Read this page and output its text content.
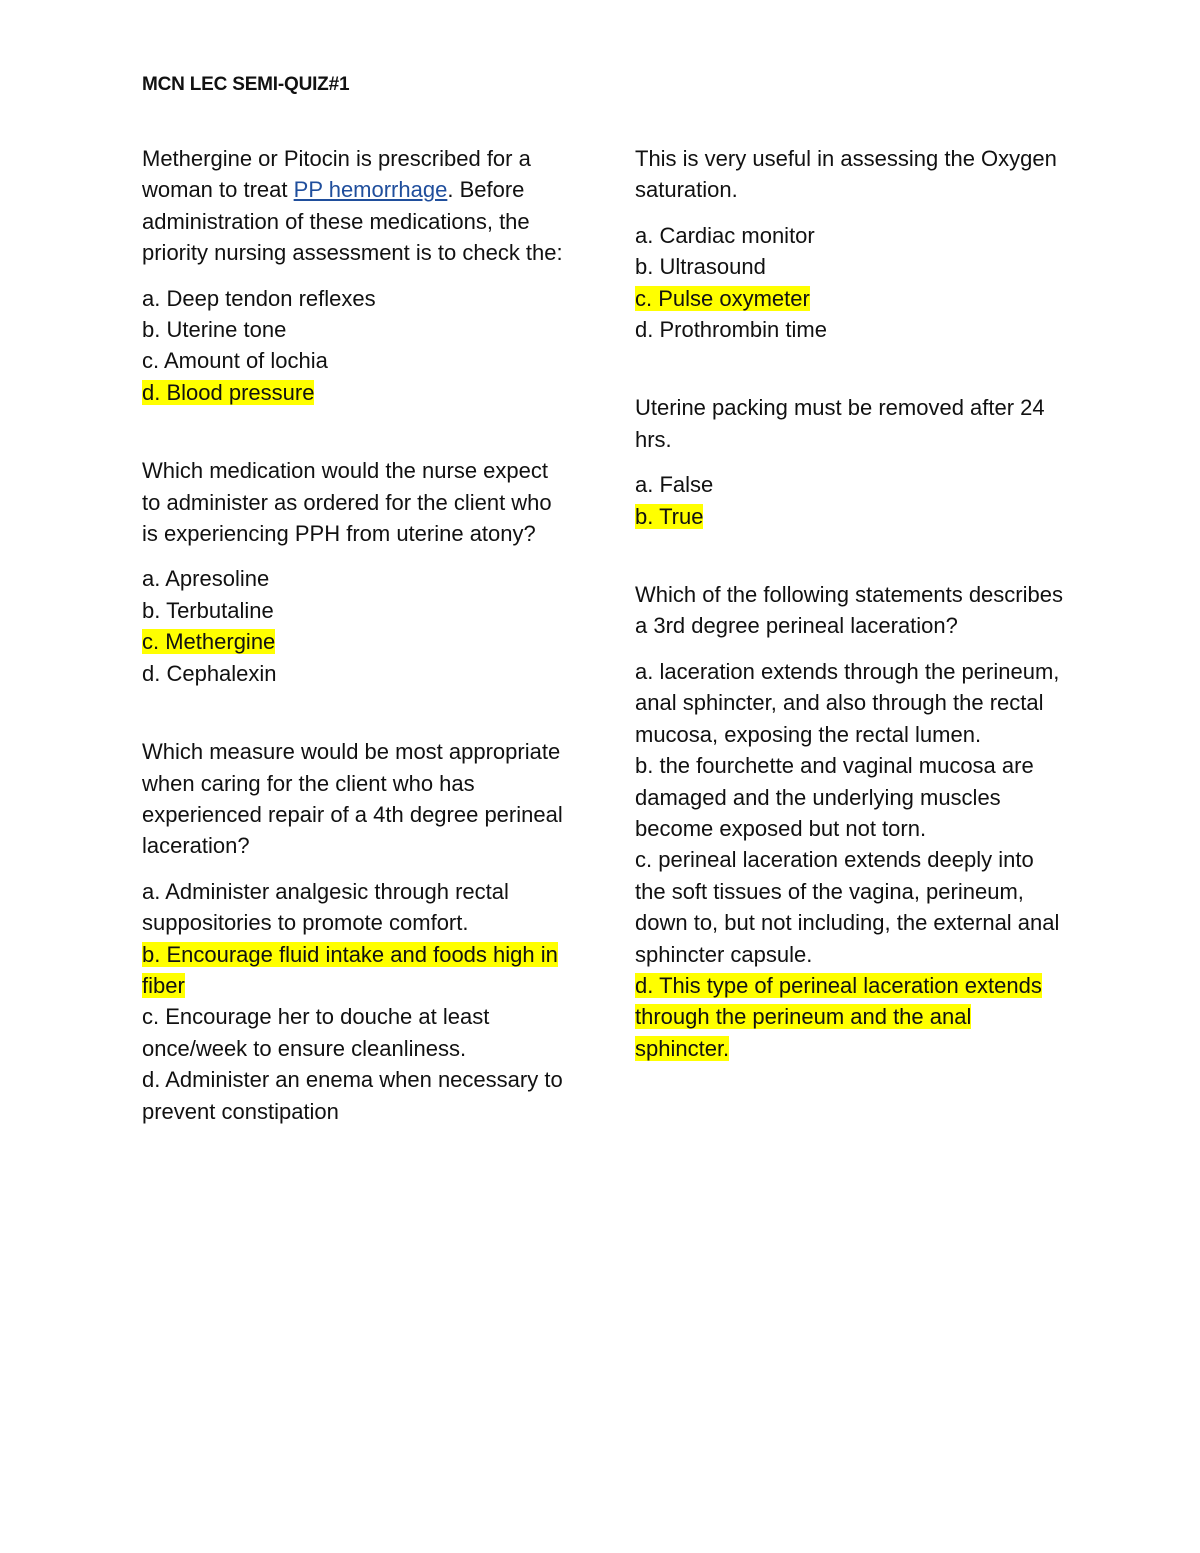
MCN LEC SEMI-QUIZ#1

Methergine or Pitocin is prescribed for a woman to treat PP hemorrhage. Before administration of these medications, the priority nursing assessment is to check the:

a. Deep tendon reflexes
b. Uterine tone
c. Amount of lochia
d. Blood pressure

Which medication would the nurse expect to administer as ordered for the client who is experiencing PPH from uterine atony?

a. Apresoline
b. Terbutaline
c. Methergine
d. Cephalexin

Which measure would be most appropriate when caring for the client who has experienced repair of a 4th degree perineal laceration?

a. Administer analgesic through rectal suppositories to promote comfort.
b. Encourage fluid intake and foods high in fiber
c. Encourage her to douche at least once/week to ensure cleanliness.
d. Administer an enema when necessary to prevent constipation

This is very useful in assessing the Oxygen saturation.

a. Cardiac monitor
b. Ultrasound
c. Pulse oxymeter
d. Prothrombin time

Uterine packing must be removed after 24 hrs.

a. False
b. True

Which of the following statements describes a 3rd degree perineal laceration?

a. laceration extends through the perineum, anal sphincter, and also through the rectal mucosa, exposing the rectal lumen.
b. the fourchette and vaginal mucosa are damaged and the underlying muscles become exposed but not torn.
c. perineal laceration extends deeply into the soft tissues of the vagina, perineum, down to, but not including, the external anal sphincter capsule.
d. This type of perineal laceration extends through the perineum and the anal sphincter.
